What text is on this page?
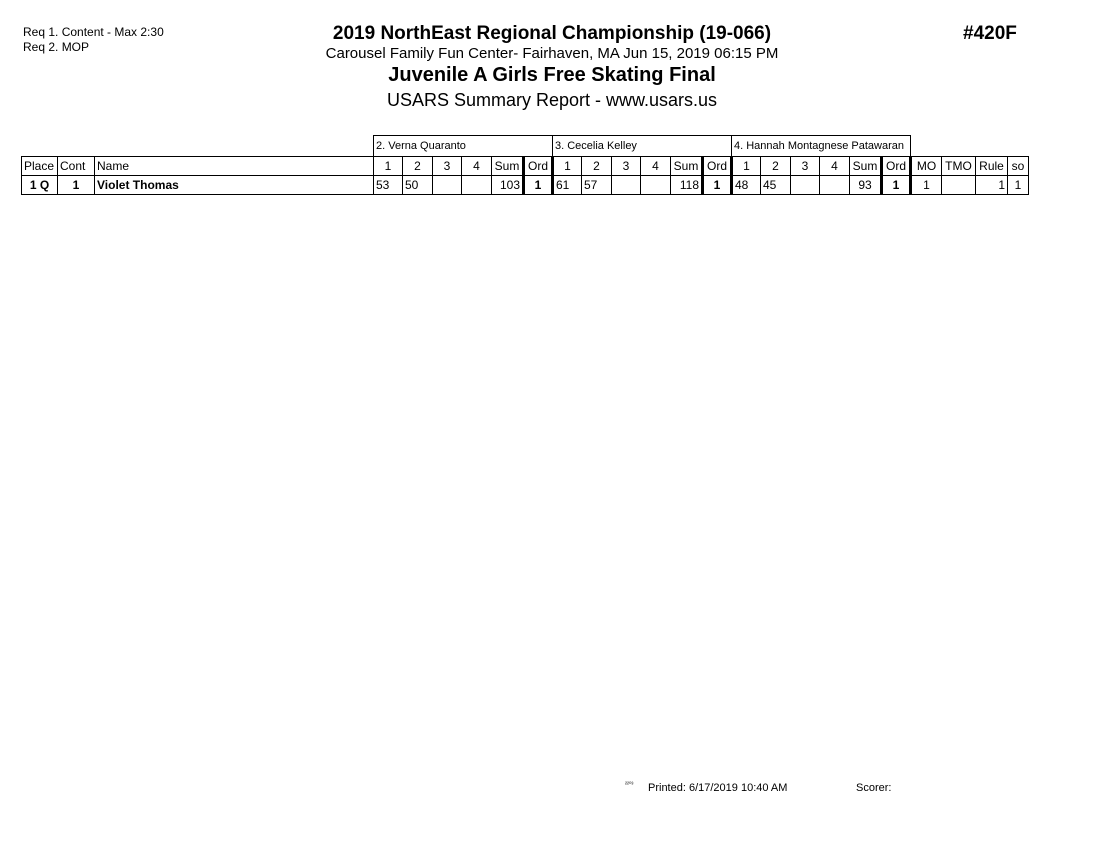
Req 1. Content - Max 2:30
Req 2. MOP
2019 NorthEast Regional Championship (19-066)
Carousel Family Fun Center- Fairhaven, MA Jun 15, 2019 06:15 PM
Juvenile A Girls Free Skating Final
USARS Summary Report - www.usars.us
#420F
			2. Verna Quaranto						3. Cecelia Kelley						4. Hannah Montagnese Patawaran									
Place	Cont	Name	1	2	3	4	Sum	Ord	1	2	3	4	Sum	Ord	1	2	3	4	Sum	Ord	MO	TMO	Rule	so
1 Q	1	Violet Thomas	53	50			103	1	61	57			118	1	48	45			93	1	1		1	1
²²⁰³ Printed: 6/17/2019 10:40 AM	Scorer:
